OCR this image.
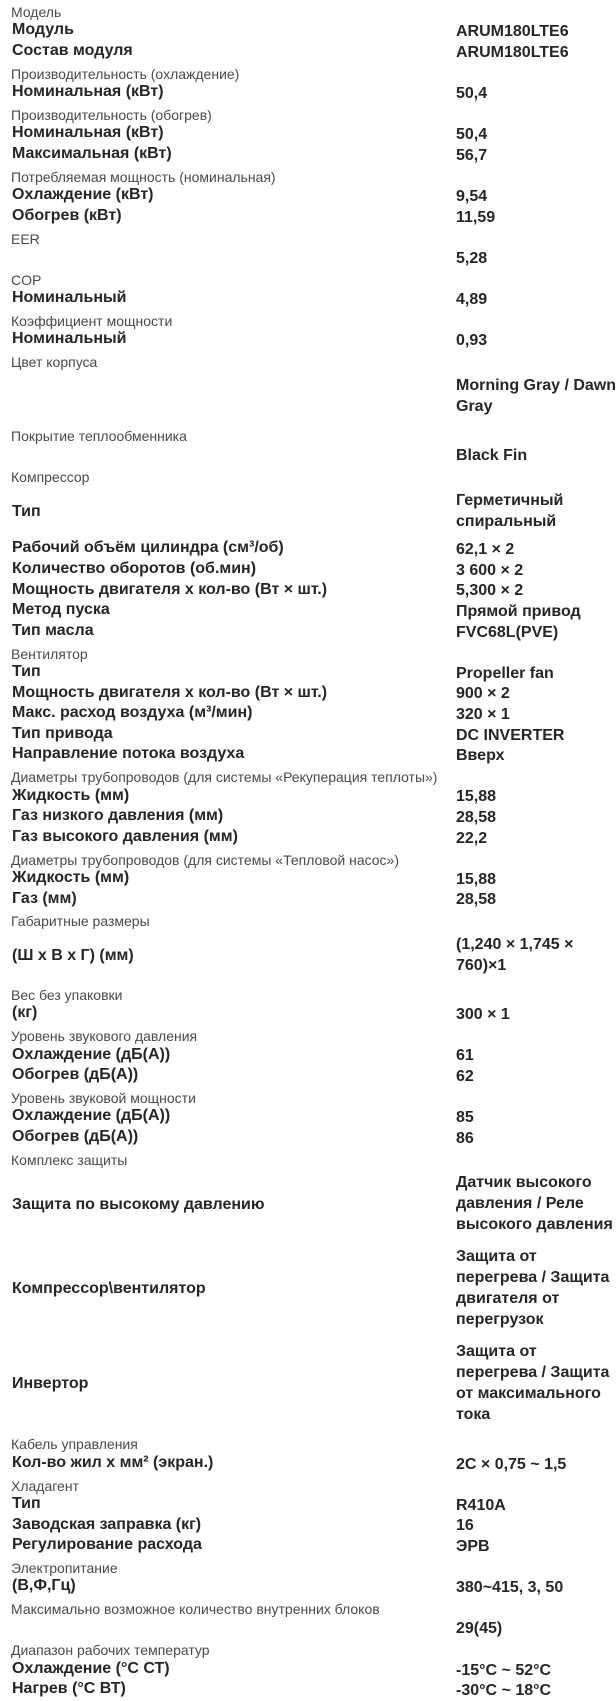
Модель
ARUM180LTE6
Модуль
ARUM180LTE6
Состав модуля
Производительность (охлаждение)
50,4
Номинальная (кВт)
Производительность (обогрев)
50,4
Номинальная (кВт)
56,7
Максимальная (кВт)
Потребляемая мощность (номинальная)
9,54
Охлаждение (кВт)
11,59
Обогрев (кВт)
EER
5,28
COP
4,89
Номинальный
Коэффициент мощности
0,93
Номинальный
Цвет корпуса
Morning Gray / Dawn Gray
Покрытие теплообменника
Black Fin
Компрессор
Герметичный спиральный
Тип
62,1 × 2
Рабочий объём цилиндра (см³/об)
3 600 × 2
Количество оборотов (об.мин)
5,300 × 2
Мощность двигателя х кол-во (Вт × шт.)
Прямой привод
Метод пуска
FVC68L(PVE)
Тип масла
Вентилятор
Propeller fan
Тип
900 × 2
Мощность двигателя х кол-во (Вт × шт.)
320 × 1
Макс. расход воздуха (м³/мин)
DC INVERTER
Тип привода
Вверх
Направление потока воздуха
Диаметры трубопроводов (для системы «Рекуперация теплоты»)
15,88
Жидкость (мм)
28,58
Газ низкого давления (мм)
22,2
Газ высокого давления (мм)
Диаметры трубопроводов (для системы «Тепловой насос»)
15,88
Жидкость (мм)
28,58
Газ (мм)
Габаритные размеры
(1,240 × 1,745 × 760)×1
(Ш х В х Г) (мм)
Вес без упаковки
300 × 1
(кг)
Уровень звукового давления
61
Охлаждение (дБ(А))
62
Обогрев (дБ(А))
Уровень звуковой мощности
85
Охлаждение (дБ(А))
86
Обогрев (дБ(А))
Комплекс защиты
Датчик высокого давления / Реле высокого давления
Защита по высокому давлению
Защита от перегрева / Защита двигателя от перегрузок
Компрессор\вентилятор
Защита от перегрева / Защита от максимального тока
Инвертор
Кабель управления
2С × 0,75 ~ 1,5
Кол-во жил х мм² (экран.)
Хладагент
R410A
Тип
16
Заводская заправка (кг)
ЭРВ
Регулирование расхода
Электропитание
380~415, 3, 50
(В,Ф,Гц)
Максимально возможное количество внутренних блоков
29(45)
Диапазон рабочих температур
-15°C ~ 52°C
Охлаждение (°C СТ)
-30°C ~ 18°C
Нагрев (°C ВТ)
